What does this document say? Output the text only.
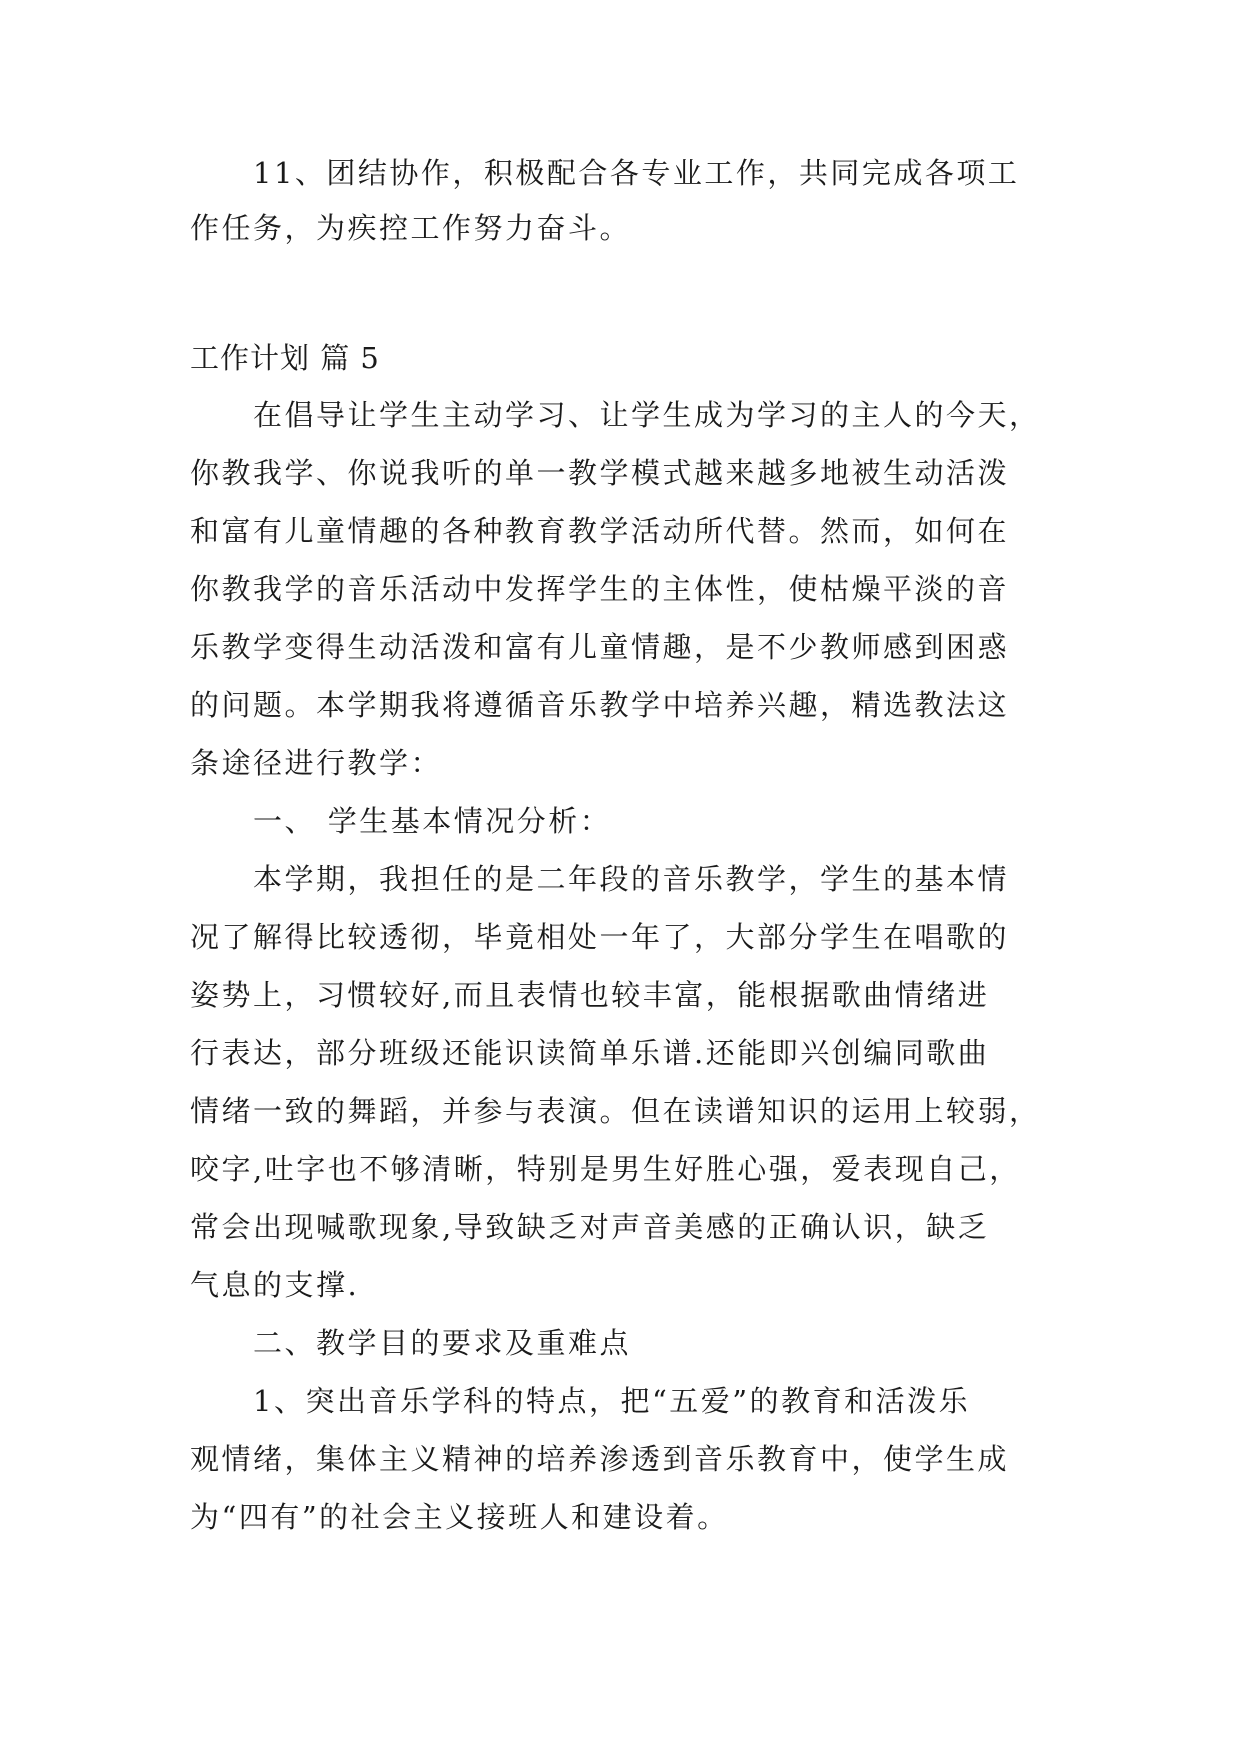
11、团结协作，积极配合各专业工作，共同完成各项工

作任务，为疾控工作努力奋斗。

工作计划 篇 5

在倡导让学生主动学习、让学生成为学习的主人的今天，

你教我学、你说我听的单一教学模式越来越多地被生动活泼

和富有儿童情趣的各种教育教学活动所代替。然而，如何在

你教我学的音乐活动中发挥学生的主体性，使枯燥平淡的音

乐教学变得生动活泼和富有儿童情趣，是不少教师感到困惑

的问题。本学期我将遵循音乐教学中培养兴趣，精选教法这

条途径进行教学：

一、 学生基本情况分析：

本学期，我担任的是二年段的音乐教学，学生的基本情

况了解得比较透彻，毕竟相处一年了，大部分学生在唱歌的

姿势上，习惯较好,而且表情也较丰富，能根据歌曲情绪进

行表达，部分班级还能识读简单乐谱.还能即兴创编同歌曲

情绪一致的舞蹈，并参与表演。但在读谱知识的运用上较弱，

咬字,吐字也不够清晰，特别是男生好胜心强，爱表现自己，

常会出现喊歌现象,导致缺乏对声音美感的正确认识，缺乏

气息的支撑.

二、教学目的要求及重难点

1、突出音乐学科的特点，把“五爱”的教育和活泼乐

观情绪，集体主义精神的培养渗透到音乐教育中，使学生成

为“四有”的社会主义接班人和建设着。
